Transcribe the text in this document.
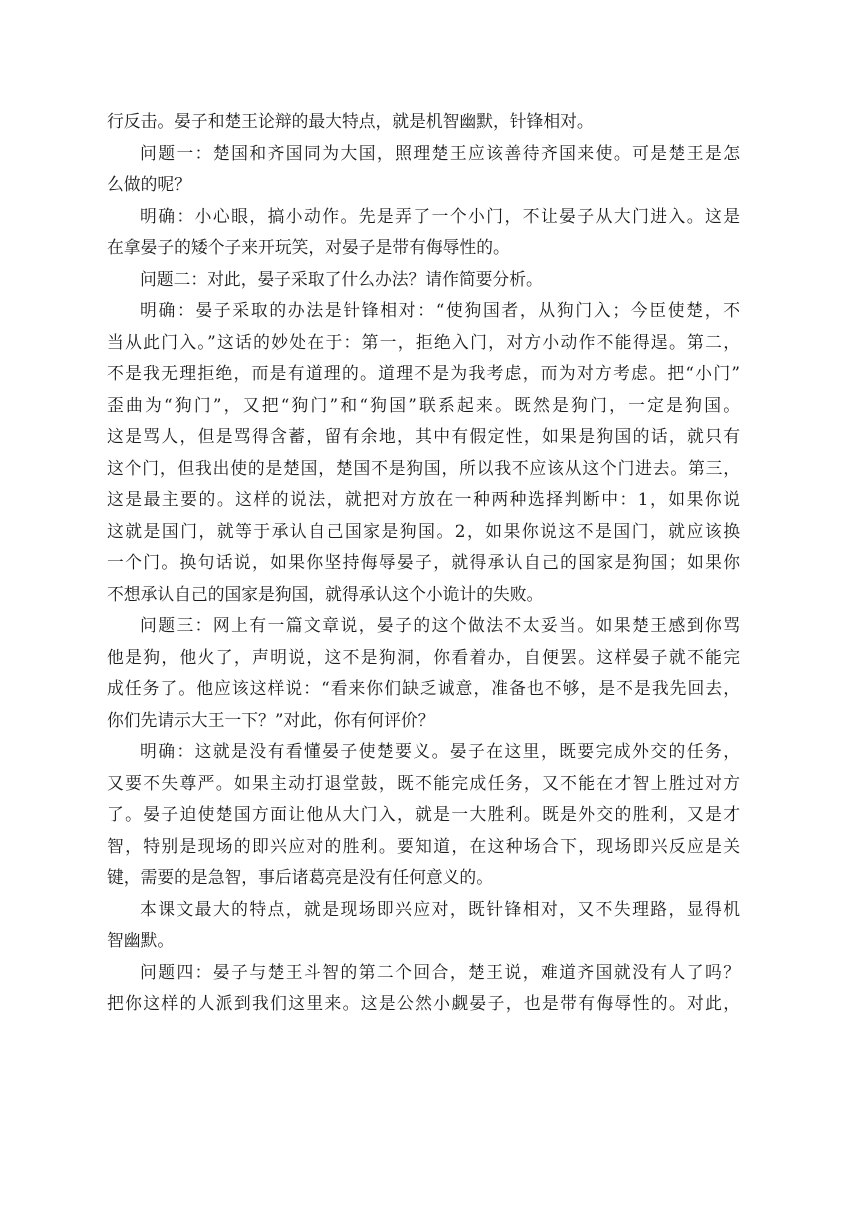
行反击。晏子和楚王论辩的最大特点，就是机智幽默，针锋相对。
问题一：楚国和齐国同为大国，照理楚王应该善待齐国来使。可是楚王是怎
么做的呢？
明确：小心眼，搞小动作。先是弄了一个小门，不让晏子从大门进入。这是
在拿晏子的矮个子来开玩笑，对晏子是带有侮辱性的。
问题二：对此，晏子采取了什么办法？请作简要分析。
明确：晏子采取的办法是针锋相对：“使狗国者，从狗门入；今臣使楚，不
当从此门入。”这话的妙处在于：第一，拒绝入门，对方小动作不能得逞。第二，
不是我无理拒绝，而是有道理的。道理不是为我考虑，而为对方考虑。把“小门”
歪曲为“狗门”，又把“狗门”和“狗国”联系起来。既然是狗门，一定是狗国。
这是骂人，但是骂得含蓄，留有余地，其中有假定性，如果是狗国的话，就只有
这个门，但我出使的是楚国，楚国不是狗国，所以我不应该从这个门进去。第三，
这是最主要的。这样的说法，就把对方放在一种两种选择判断中：1，如果你说
这就是国门，就等于承认自己国家是狗国。2，如果你说这不是国门，就应该换
一个门。换句话说，如果你坚持侮辱晏子，就得承认自己的国家是狗国；如果你
不想承认自己的国家是狗国，就得承认这个小诡计的失败。
问题三：网上有一篇文章说，晏子的这个做法不太妥当。如果楚王感到你骂
他是狗，他火了，声明说，这不是狗洞，你看着办，自便罢。这样晏子就不能完
成任务了。他应该这样说：“看来你们缺乏诚意，准备也不够，是不是我先回去，
你们先请示大王一下？”对此，你有何评价？
明确：这就是没有看懂晏子使楚要义。晏子在这里，既要完成外交的任务，
又要不失尊严。如果主动打退堂鼓，既不能完成任务，又不能在才智上胜过对方
了。晏子迫使楚国方面让他从大门入，就是一大胜利。既是外交的胜利，又是才
智，特别是现场的即兴应对的胜利。要知道，在这种场合下，现场即兴反应是关
键，需要的是急智，事后诸葛亮是没有任何意义的。
本课文最大的特点，就是现场即兴应对，既针锋相对，又不失理路，显得机
智幽默。
问题四：晏子与楚王斗智的第二个回合，楚王说，难道齐国就没有人了吗？
把你这样的人派到我们这里来。这是公然小觑晏子，也是带有侮辱性的。对此，
